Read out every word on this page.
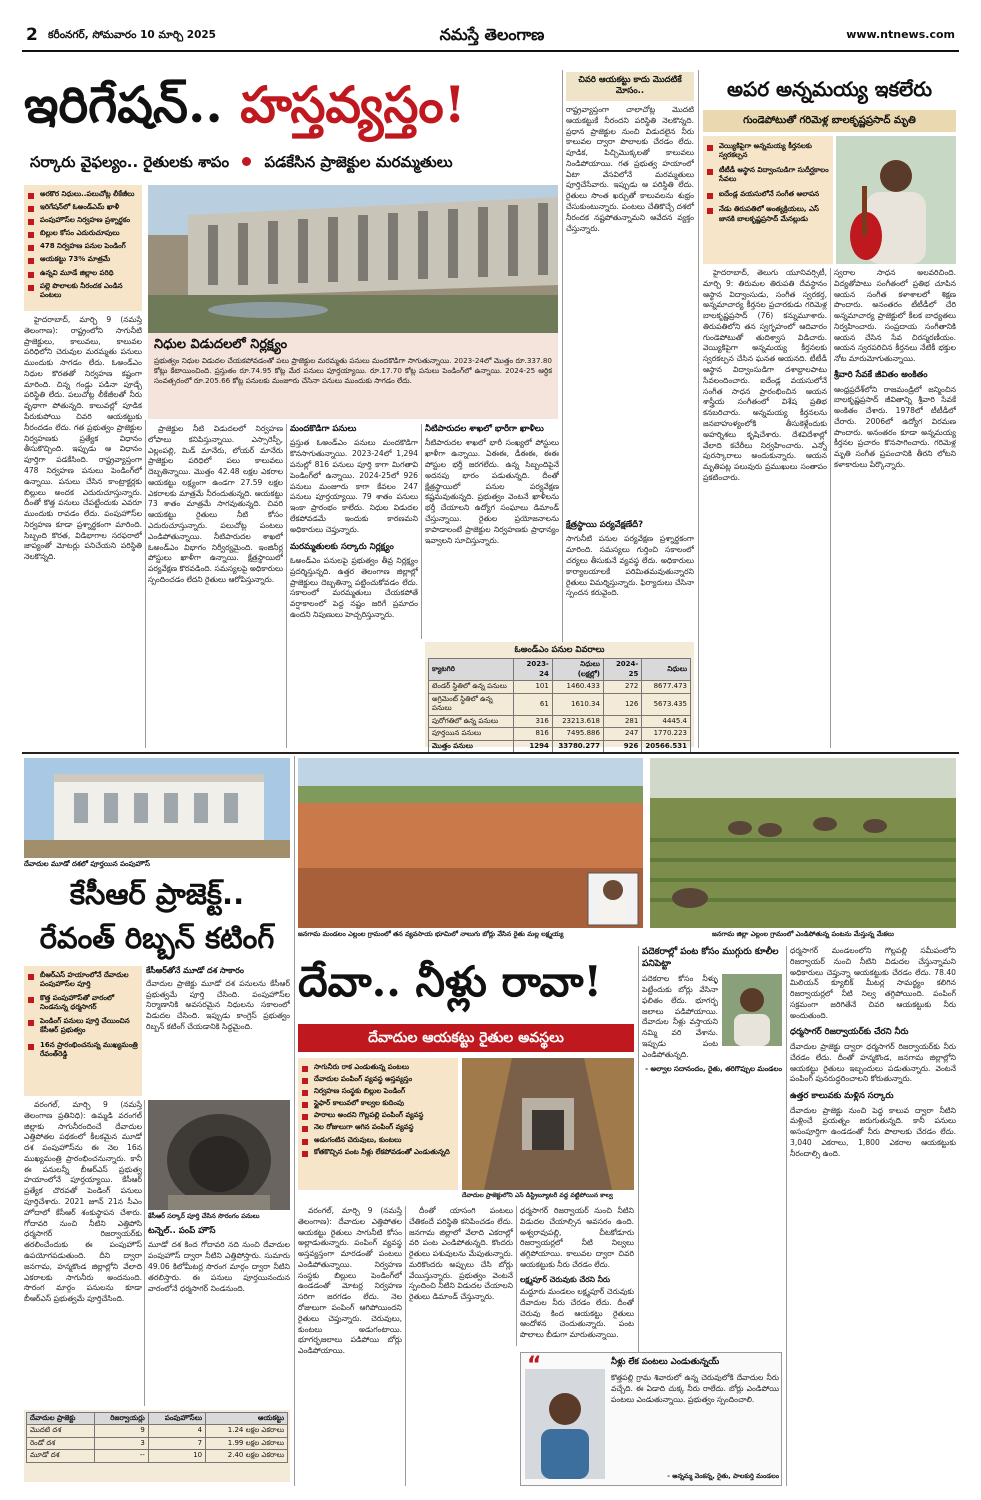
2 కరీంనగర్, సోమవారం 10 మార్చి 2025	నమస్తే తెలంగాణ	www.ntnews.com
ఇరిగేషన్.. హస్తవ్యస్తం!
సర్కారు వైఫల్యం.. రైతులకు శాపం పడకేసిన ప్రాజెక్టుల మరమ్మతులు
అరకొర నిధులు..పలుచోట్ల లీకేజీలు
ఇరిగేషన్‌లో ఓఅండ్ఎమ్ ఖాళీ
పంపుహౌస్‌ల నిర్వహణ ప్రశ్నార్థకం
బిల్లుల కోసం ఎదురుచూపులు
478 నిర్వహణ పనుల పెండింగ్
ఆయకట్టు 73% మాత్రమే
ఉన్నవి మూడే జిల్లాల పరిధి
పల్లె పొలాలకు నీరందక ఎండిన పంటలు
నిధుల విడుదలలో నిర్లక్ష్యం
ప్రభుత్వం నిధుల విడుదల చేయకపోవడంతో పలు ప్రాజెక్టుల మరమ్మతు పనులు మందకొడిగా సాగుతున్నాయి. 2023-24లో మొత్తం రూ.337.80 కోట్లు కేటాయించింది. ప్రస్తుతం రూ.74.95 కోట్ల మేర పనులు పూర్తయ్యాయి. రూ.17.70 కోట్ల పనులు పెండింగ్‌లో ఉన్నాయి. 2024-25 ఆర్థిక సంవత్సరంలో రూ.205.66 కోట్ల పనులకు మంజూరు చేసినా పనులు ముందుకు సాగడం లేదు.

హైదరాబాద్, మార్చి 9 (నమస్తే తెలంగాణ): రాష్ట్రంలోని సాగునీటి ప్రాజెక్టులు, కాలువలు, కాలువల పరిధిలోని చెరువుల మరమ్మతు పనులు ముందుకు సాగడం లేదు. ఓఅండ్ఎం నిధుల కొరతతో నిర్వహణ కష్టంగా మారింది. చిన్న గండ్లు పడినా పూడ్చే పరిస్థితి లేదు. పలుచోట్ల లీకేజీలతో నీరు వృథాగా పోతున్నది. కాలువల్లో పూడిక పేరుకుపోయి చివరి ఆయకట్టుకు నీరందడం లేదు. గత ప్రభుత్వం ప్రాజెక్టుల నిర్వహణకు ప్రత్యేక విధానం తీసుకొచ్చింది. ఇప్పుడు ఆ విధానం పూర్తిగా పడకేసింది. రాష్ట్రవ్యాప్తంగా 478 నిర్వహణ పనులు పెండింగ్‌లో ఉన్నాయి. పనులు చేసిన కాంట్రాక్టర్లకు బిల్లులు అందక ఎదురుచూస్తున్నారు. దీంతో కొత్త పనులు చేపట్టేందుకు ఎవరూ ముందుకు రావడం లేదు. పంపుహౌస్‌ల నిర్వహణ కూడా ప్రశ్నార్థకంగా మారింది. సిబ్బంది కొరత, విడిభాగాల సరఫరాలో జాప్యంతో మోటర్లు పనిచేయని పరిస్థితి నెలకొన్నది.

ప్రాజెక్టుల నీటి విడుదలలో నిర్వహణ లోపాలు కనిపిస్తున్నాయి. ఎస్సారెస్పీ, ఎల్లంపల్లి, మిడ్ మానేరు, లోయర్ మానేరు ప్రాజెక్టుల పరిధిలో పలు కాలువలు దెబ్బతిన్నాయి. మొత్తం 42.48 లక్షల ఎకరాల ఆయకట్టు లక్ష్యంగా ఉండగా 27.59 లక్షల ఎకరాలకు మాత్రమే నీరందుతున్నది. ఆయకట్టు 73 శాతం మాత్రమే సాగవుతున్నది. చివరి ఆయకట్టు రైతులు నీటి కోసం ఎదురుచూస్తున్నారు. పలుచోట్ల పంటలు ఎండిపోతున్నాయి. నీటిపారుదల శాఖలో ఓఅండ్ఎం విభాగం నిర్వీర్యమైంది. ఇంజినీర్ల పోస్టులు ఖాళీగా ఉన్నాయి. క్షేత్రస్థాయిలో పర్యవేక్షణ కొరవడింది. సమస్యలపై అధికారులు స్పందించడం లేదని రైతులు ఆరోపిస్తున్నారు.

మందకొడిగా పనులు
ప్రస్తుత ఓఅండ్ఎం పనులు మందకొడిగా కొనసాగుతున్నాయి. 2023-24లో 1,294 పనుల్లో 816 పనులు పూర్తి కాగా మిగతావి పెండింగ్‌లో ఉన్నాయి. 2024-25లో 926 పనులు మంజూరు కాగా కేవలం 247 పనులు పూర్తయ్యాయి. 79 శాతం పనులు ఇంకా ప్రారంభం కాలేదు. నిధుల విడుదల లేకపోవడమే ఇందుకు కారణమని అధికారులు చెప్తున్నారు.
మరమ్మతులకు సర్కారు నిర్లక్ష్యం
ఓఅండ్ఎం పనులపై ప్రభుత్వం తీవ్ర నిర్లక్ష్యం ప్రదర్శిస్తున్నది. ఉత్తర తెలంగాణ జిల్లాల్లో ప్రాజెక్టులు దెబ్బతిన్నా పట్టించుకోవడం లేదు. సకాలంలో మరమ్మతులు చేయకపోతే వర్షాకాలంలో పెద్ద నష్టం జరిగే ప్రమాదం ఉందని నిపుణులు హెచ్చరిస్తున్నారు.
నీటిపారుదల శాఖలో భారీగా ఖాళీలు
నీటిపారుదల శాఖలో భారీ సంఖ్యలో పోస్టులు ఖాళీగా ఉన్నాయి. ఏఈఈ, డీఈఈ, ఈఈ పోస్టుల భర్తీ జరగలేదు. ఉన్న సిబ్బందిపైనే అదనపు భారం పడుతున్నది. దీంతో క్షేత్రస్థాయిలో పనుల పర్యవేక్షణ కష్టమవుతున్నది. ప్రభుత్వం వెంటనే ఖాళీలను భర్తీ చేయాలని ఉద్యోగ సంఘాలు డిమాండ్ చేస్తున్నాయి. రైతుల ప్రయోజనాలను కాపాడాలంటే ప్రాజెక్టుల నిర్వహణకు ప్రాధాన్యం ఇవ్వాలని సూచిస్తున్నారు.
చివరి ఆయకట్టు కాదు మొదటికే మోసం..
రాష్ట్రవ్యాప్తంగా చాలాచోట్ల మొదటి ఆయకట్టుకే నీరందని పరిస్థితి నెలకొన్నది. ప్రధాన ప్రాజెక్టుల నుంచి విడుదలైన నీరు కాలువల ద్వారా పొలాలకు చేరడం లేదు. పూడిక, పిచ్చిమొక్కలతో కాలువలు నిండిపోయాయి. గత ప్రభుత్వ హయాంలో ఏటా వేసవిలోనే మరమ్మతులు పూర్తిచేసేవారు. ఇప్పుడు ఆ పరిస్థితి లేదు. రైతులు సొంత ఖర్చుతో కాలువలను శుభ్రం చేసుకుంటున్నారు. పంటలు చేతికొచ్చే దశలో నీరందక నష్టపోతున్నామని ఆవేదన వ్యక్తం చేస్తున్నారు.
క్షేత్రస్థాయి పర్యవేక్షణేదీ?
సాగునీటి పనుల పర్యవేక్షణ ప్రశ్నార్థకంగా మారింది. సమస్యలు గుర్తించి సకాలంలో చర్యలు తీసుకునే వ్యవస్థ లేదు. అధికారులు కార్యాలయాలకే పరిమితమవుతున్నారని రైతులు విమర్శిస్తున్నారు. ఫిర్యాదులు చేసినా స్పందన కరువైంది.
ఓఅండ్ఎం పనుల వివరాలు
క్యాటగిరి	2023-24	నిధులు (లక్షల్లో)	2024-25	నిధులు
టెండర్ స్థితిలో ఉన్న పనులు	101	1460.433	272	8677.473
అగ్రిమెంట్ స్థితిలో ఉన్న పనులు	61	1610.34	126	5673.435
పురోగతిలో ఉన్న పనులు	316	23213.618	281	4445.4
పూర్తయిన పనులు	816	7495.886	247	1770.223
మొత్తం పనులు	1294	33780.277	926	20566.531
అపర అన్నమయ్య ఇకలేరు
గుండెపోటుతో గరిమెళ్ల బాలకృష్ణప్రసాద్ మృతి
వెయ్యికిపైగా అన్నమయ్య కీర్తనలకు స్వరకల్పన
టీటీడీ ఆస్థాన విద్వాంసుడిగా సుదీర్ఘకాలం సేవలు
ఐదేండ్ల వయసులోనే సంగీత ఆలాపన
నేడు తిరుపతిలో అంత్యక్రియలు, ఎస్ జానకి బాలకృష్ణప్రసాద్ మేనల్లుడు

హైదరాబాద్, తెలుగు యూనివర్సిటీ, మార్చి 9: తిరుమల తిరుపతి దేవస్థానం ఆస్థాన విద్వాంసుడు, సంగీత స్వరకర్త, అన్నమాచార్య కీర్తనల ప్రచారకుడు గరిమెళ్ల బాలకృష్ణప్రసాద్ (76) కన్నుమూశారు. తిరుపతిలోని తన స్వగృహంలో ఆదివారం గుండెపోటుతో తుదిశ్వాస విడిచారు. వెయ్యికిపైగా అన్నమయ్య కీర్తనలకు స్వరకల్పన చేసిన ఘనత ఆయనది. టీటీడీ ఆస్థాన విద్వాంసుడిగా దశాబ్దాలపాటు సేవలందించారు. ఐదేండ్ల వయసులోనే సంగీత సాధన ప్రారంభించిన ఆయన శాస్త్రీయ సంగీతంలో విశేష ప్రతిభ కనబరిచారు. అన్నమయ్య కీర్తనలను జనబాహుళ్యంలోకి తీసుకెళ్లేందుకు అహర్నిశలు కృషిచేశారు. దేశవిదేశాల్లో వేలాది కచేరీలు నిర్వహించారు. ఎన్నో పురస్కారాలు అందుకున్నారు. ఆయన మృతిపట్ల పలువురు ప్రముఖులు సంతాపం ప్రకటించారు.

స్వరాల సాధన అలవరిచింది. విద్యతోపాటు సంగీతంలో ప్రతిభ చూపిన ఆయన సంగీత కళాశాలలో శిక్షణ పొందారు. అనంతరం టీటీడీలో చేరి అన్నమాచార్య ప్రాజెక్టులో కీలక బాధ్యతలు నిర్వహించారు. సంప్రదాయ సంగీతానికి ఆయన చేసిన సేవ చిరస్మరణీయం. ఆయన స్వరపరిచిన కీర్తనలు నేటికీ భక్తుల నోట మారుమోగుతున్నాయి.
శ్రీవారి సేవకే జీవితం అంకితం
ఆంధ్రప్రదేశ్‌లోని రాజమండ్రిలో జన్మించిన బాలకృష్ణప్రసాద్ జీవితాన్ని శ్రీవారి సేవకే అంకితం చేశారు. 1978లో టీటీడీలో చేరారు. 2006లో ఉద్యోగ విరమణ పొందారు. అనంతరం కూడా అన్నమయ్య కీర్తనల ప్రచారం కొనసాగించారు. గరిమెళ్ల మృతి సంగీత ప్రపంచానికి తీరని లోటని కళాకారులు పేర్కొన్నారు.
దేవాదుల మూడో దశలో పూర్తయిన పంపుహౌస్
కేసీఆర్ ప్రాజెక్ట్..
రేవంత్ రిబ్బన్ కటింగ్
బీఆర్ఎస్ హయాంలోనే దేవాదుల పంపుహౌస్‌ల పూర్తి
కొత్త పంపుహౌస్‌తో వారంలో నిండనున్న ధర్మసాగర్
పెండింగ్ పనులు పూర్తి చేయించిన కేసీఆర్ ప్రభుత్వం
16న ప్రారంభించనున్న ముఖ్యమంత్రి రేవంత్‌రెడ్డి
కేసీఆర్‌తోనే మూడో దశ సాకారం
దేవాదుల ప్రాజెక్టు మూడో దశ పనులను కేసీఆర్ ప్రభుత్వమే పూర్తి చేసింది. పంపుహౌస్‌ల నిర్మాణానికి అవసరమైన నిధులను సకాలంలో విడుదల చేసింది. ఇప్పుడు కాంగ్రెస్ ప్రభుత్వం రిబ్బన్ కటింగ్ చేయడానికి సిద్ధమైంది.

వరంగల్, మార్చి 9 (నమస్తే తెలంగాణ ప్రతినిధి): ఉమ్మడి వరంగల్ జిల్లాకు సాగునీరందించే దేవాదుల ఎత్తిపోతల పథకంలో కీలకమైన మూడో దశ పంపుహౌస్‌ను ఈ నెల 16న ముఖ్యమంత్రి ప్రారంభించనున్నారు. కానీ ఈ పనులన్నీ బీఆర్ఎస్ ప్రభుత్వ హయాంలోనే పూర్తయ్యాయి. కేసీఆర్ ప్రత్యేక చొరవతో పెండింగ్ పనులు పూర్తిచేశారు. 2021 జూన్ 21న సీఎం హోదాలో కేసీఆర్ శంకుస్థాపన చేశారు. గోదావరి నుంచి నీటిని ఎత్తిపోసి ధర్మసాగర్ రిజర్వాయర్‌కు తరలించేందుకు ఈ పంపుహౌస్ ఉపయోగపడుతుంది. దీని ద్వారా జనగామ, హన్మకొండ జిల్లాల్లోని వేలాది ఎకరాలకు సాగునీరు అందనుంది. సొరంగ మార్గం పనులను కూడా బీఆర్ఎస్ ప్రభుత్వమే పూర్తిచేసింది.

కేసీఆర్ సర్కార్ పూర్తి చేసిన సొరంగం పనులు
టన్నెల్.. పంప్ హౌస్
మూడో దశ కింద గోదావరి నది నుంచి దేవాదుల పంపుహౌస్ ద్వారా నీటిని ఎత్తిపోస్తారు. సుమారు 49.06 కిలోమీటర్ల సొరంగ మార్గం ద్వారా నీటిని తరలిస్తారు. ఈ పనులు పూర్తయినందున వారంలోనే ధర్మసాగర్ నిండనుంది.
దేవాదుల ప్రాజెక్టు	రిజర్వాయర్లు	పంపుహౌస్‌లు	ఆయకట్టు
మొదటి దశ	9	4	1.24 లక్షల ఎకరాలు
రెండో దశ	3	7	1.99 లక్షల ఎకరాలు
మూడో దశ	--	10	2.40 లక్షల ఎకరాలు
జనగామ మండలం ఎల్లంల గ్రామంలో తన వ్యవసాయ భూమిలో నాలుగు బోర్లు వేసిన రైతు మల్ల లక్ష్మయ్య	జనగామ జిల్లా ఎల్లంల గ్రామంలో ఎండిపోతున్న పంటను మేస్తున్న మేకలు
దేవా.. నీళ్లు రావా!
దేవాదుల ఆయకట్టు రైతుల అవస్థలు
సాగునీరు రాక ఎండుతున్న పంటలు
దేవాదుల పంపింగ్ వ్యవస్థ అస్తవ్యస్తం
నిర్వహణ సంస్థకు బిల్లుల పెండింగ్
స్టైఫార్ కాలువలో కాల్వల కుదింపు
పారాలు అందని గొల్లపల్లి పంపింగ్ వ్యవస్థ
నెల రోజులుగా ఆగిన పంపింగ్ వ్యవస్థ
అడుగంటిన చెరువులు, కుంటలు
కోతకొచ్చిన పంట నీళ్లు లేకపోవడంతో ఎండుతున్నది
దేవాదుల ప్రాజెక్టులోని ఎస్ డిస్ట్రిబ్యూటరీ వద్ద వట్టిపోయిన కాల్వ

వరంగల్, మార్చి 9 (నమస్తే తెలంగాణ): దేవాదుల ఎత్తిపోతల ఆయకట్టు రైతులు సాగునీటి కోసం అల్లాడుతున్నారు. పంపింగ్ వ్యవస్థ అస్తవ్యస్తంగా మారడంతో పంటలు ఎండిపోతున్నాయి. నిర్వహణ సంస్థకు బిల్లులు పెండింగ్‌లో ఉండడంతో మోటర్ల నిర్వహణ సరిగా జరగడం లేదు. నెల రోజులుగా పంపింగ్ ఆగిపోయిందని రైతులు చెప్తున్నారు. చెరువులు, కుంటలు అడుగంటాయి. భూగర్భజలాలు పడిపోయి బోర్లు ఎండిపోయాయి.

దీంతో యాసంగి పంటలు చేతికందే పరిస్థితి కనిపించడం లేదు. జనగామ జిల్లాలో వేలాది ఎకరాల్లో వరి పంట ఎండిపోతున్నది. కొందరు రైతులు పశువులను మేపుతున్నారు. మరికొందరు అప్పులు చేసి బోర్లు వేయిస్తున్నారు. ప్రభుత్వం వెంటనే స్పందించి నీటిని విడుదల చేయాలని రైతులు డిమాండ్ చేస్తున్నారు.

ధర్మసాగర్ రిజర్వాయర్ నుంచి నీటిని విడుదల చేయాల్సిన అవసరం ఉంది. అశ్వరావుపల్లి, చీటకోడూరు రిజర్వాయర్లలో నీటి నిల్వలు తగ్గిపోయాయి. కాలువల ద్వారా చివరి ఆయకట్టుకు నీరు చేరడం లేదు.
లక్ష్మపూర్ చెరువుకు చేరని నీరు
మద్దూరు మండలం లక్ష్మపూర్ చెరువుకు దేవాదుల నీరు చేరడం లేదు. దీంతో చెరువు కింద ఆయకట్టు రైతులు ఆందోళన చెందుతున్నారు. పంట పొలాలు బీడుగా మారుతున్నాయి.
పదెకరాల్లో పంట కోసం ముగ్గురు కూలీల పనిపెట్టా
పదెకరాల కోసం నీళ్ళు పెట్టేందుకు బోర్లు వేసినా ఫలితం లేదు. భూగర్భ జలాలు పడిపోయాయి. దేవాదుల నీళ్లు వస్తాయని నమ్మి వరి వేశాను. ఇప్పుడు పంట ఎండిపోతున్నది.
- అల్వాల సదానందం, రైతు, తరిగొప్పుల మండలం
ధర్మసాగర్ మండలంలోని గొల్లపల్లి సమీపంలోని రిజర్వాయర్ నుంచి నీటిని విడుదల చేస్తున్నామని అధికారులు చెప్తున్నా ఆయకట్టుకు చేరడం లేదు. 78.40 మిలియన్ క్యూబిక్ మీటర్ల సామర్థ్యం కలిగిన రిజర్వాయర్లలో నీటి నిల్వ తగ్గిపోయింది. పంపింగ్ సక్రమంగా జరిగితేనే చివరి ఆయకట్టుకు నీరు అందుతుంది.
ధర్మసాగర్ రిజర్వాయర్‌కు చేరని నీరు
దేవాదుల ప్రాజెక్టు ద్వారా ధర్మసాగర్ రిజర్వాయర్‌కు నీరు చేరడం లేదు. దీంతో హన్మకొండ, జనగామ జిల్లాల్లోని ఆయకట్టు రైతులు ఇబ్బందులు పడుతున్నారు. వెంటనే పంపింగ్ పునరుద్ధరించాలని కోరుతున్నారు.
ఉత్తర కాలువకు మళ్లిన సర్కారు
దేవాదుల ప్రాజెక్టు నుంచి పెద్ద కాలువ ద్వారా నీటిని మళ్లించే ప్రయత్నం జరుగుతున్నది. కానీ పనులు అసంపూర్తిగా ఉండడంతో నీరు పొలాలకు చేరడం లేదు. 3,040 ఎకరాలు, 1,800 ఎకరాల ఆయకట్టుకు నీరందాల్సి ఉంది.
“	నీళ్లు లేక పంటలు ఎండుతున్నయ్
కొత్తపల్లి గ్రామ శివారులో ఉన్న చెరువులోకి దేవాదుల నీరు వచ్చేది. ఈ ఏడాది చుక్క నీరు రాలేదు. బోర్లు ఎండిపోయి పంటలు ఎండుతున్నాయి. ప్రభుత్వం స్పందించాలి.
- అన్నమ్మ వెంకన్న, రైతు, పాలకుర్తి మండలం
